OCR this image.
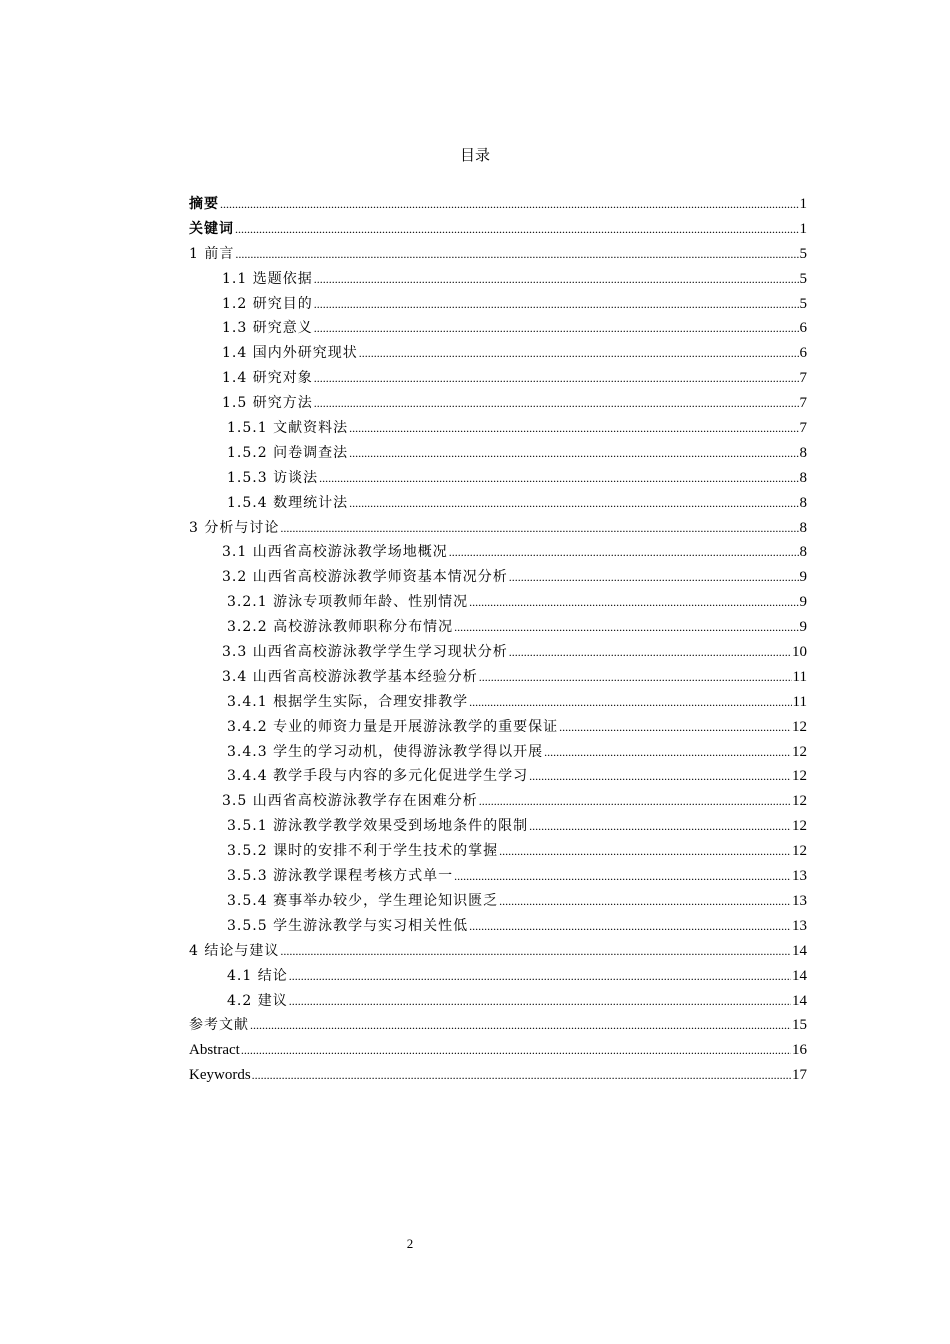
目录
摘要 .....	1
关键词 .....	1
1 前言 .....	5
1.1 选题依据 .....	5
1.2 研究目的 .....	5
1.3 研究意义 .....	6
1.4 国内外研究现状 .....	6
1.4 研究对象 .....	7
1.5 研究方法 .....	7
1.5.1 文献资料法 .....	7
1.5.2 问卷调查法 .....	8
1.5.3 访谈法 .....	8
1.5.4 数理统计法 .....	8
3 分析与讨论 .....	8
3.1 山西省高校游泳教学场地概况 .....	8
3.2 山西省高校游泳教学师资基本情况分析 .....	9
3.2.1 游泳专项教师年龄、性别情况 .....	9
3.2.2 高校游泳教师职称分布情况 .....	9
3.3 山西省高校游泳教学学生学习现状分析 .....	10
3.4 山西省高校游泳教学基本经验分析 .....	11
3.4.1 根据学生实际，合理安排教学 .....	11
3.4.2 专业的师资力量是开展游泳教学的重要保证 .....	12
3.4.3 学生的学习动机，使得游泳教学得以开展 .....	12
3.4.4 教学手段与内容的多元化促进学生学习 .....	12
3.5 山西省高校游泳教学存在困难分析 .....	12
3.5.1 游泳教学教学效果受到场地条件的限制 .....	12
3.5.2 课时的安排不利于学生技术的掌握 .....	12
3.5.3 游泳教学课程考核方式单一 .....	13
3.5.4 赛事举办较少，学生理论知识匮乏 .....	13
3.5.5 学生游泳教学与实习相关性低 .....	13
4 结论与建议 .....	14
4.1 结论 .....	14
4.2 建议 .....	14
参考文献 .....	15
Abstract .....	16
Keywords .....	17
2
